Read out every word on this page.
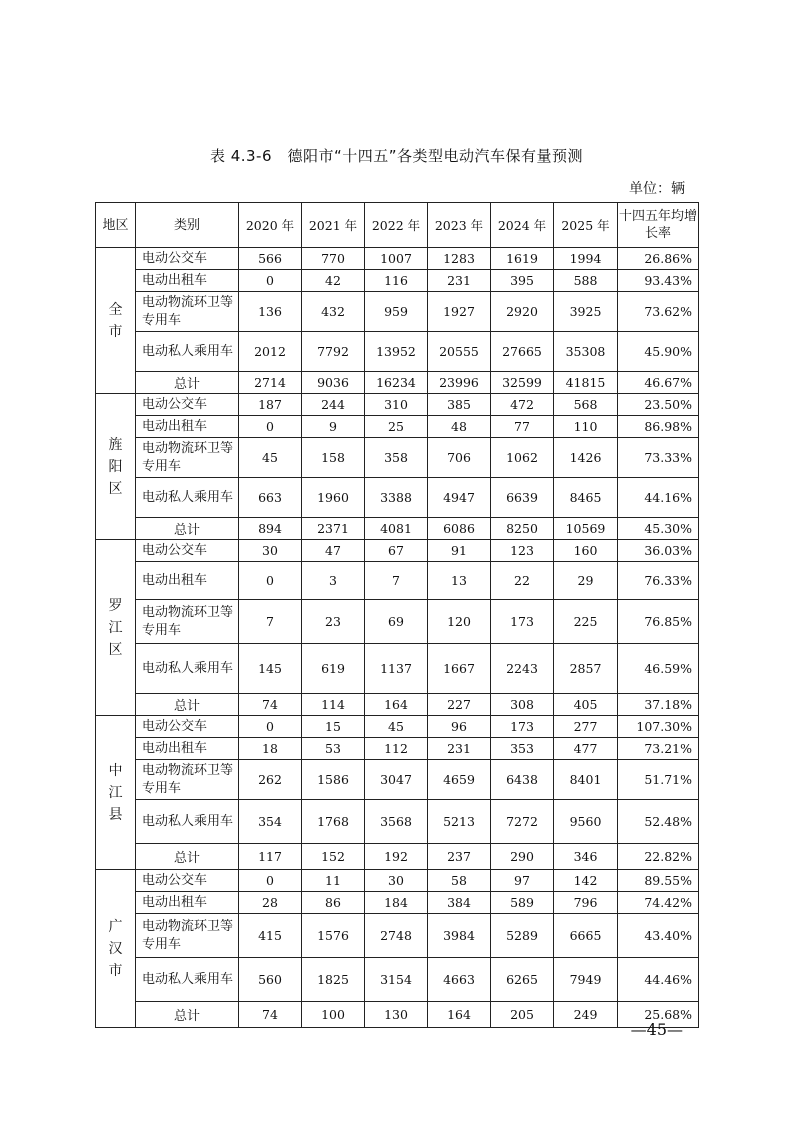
表 4.3-6　德阳市“十四五”各类型电动汽车保有量预测
单位：辆
地区	类别	2020 年	2021 年	2022 年	2023 年	2024 年	2025 年	十四五年均增长率
全市	电动公交车	566	770	1007	1283	1619	1994	26.86%
	电动出租车	0	42	116	231	395	588	93.43%
	电动物流环卫等专用车	136	432	959	1927	2920	3925	73.62%
	电动私人乘用车	2012	7792	13952	20555	27665	35308	45.90%
	总计	2714	9036	16234	23996	32599	41815	46.67%
旌阳区	电动公交车	187	244	310	385	472	568	23.50%
	电动出租车	0	9	25	48	77	110	86.98%
	电动物流环卫等专用车	45	158	358	706	1062	1426	73.33%
	电动私人乘用车	663	1960	3388	4947	6639	8465	44.16%
	总计	894	2371	4081	6086	8250	10569	45.30%
罗江区	电动公交车	30	47	67	91	123	160	36.03%
	电动出租车	0	3	7	13	22	29	76.33%
	电动物流环卫等专用车	7	23	69	120	173	225	76.85%
	电动私人乘用车	145	619	1137	1667	2243	2857	46.59%
	总计	74	114	164	227	308	405	37.18%
中江县	电动公交车	0	15	45	96	173	277	107.30%
	电动出租车	18	53	112	231	353	477	73.21%
	电动物流环卫等专用车	262	1586	3047	4659	6438	8401	51.71%
	电动私人乘用车	354	1768	3568	5213	7272	9560	52.48%
	总计	117	152	192	237	290	346	22.82%
广汉市	电动公交车	0	11	30	58	97	142	89.55%
	电动出租车	28	86	184	384	589	796	74.42%
	电动物流环卫等专用车	415	1576	2748	3984	5289	6665	43.40%
	电动私人乘用车	560	1825	3154	4663	6265	7949	44.46%
	总计	74	100	130	164	205	249	25.68%
—45—
